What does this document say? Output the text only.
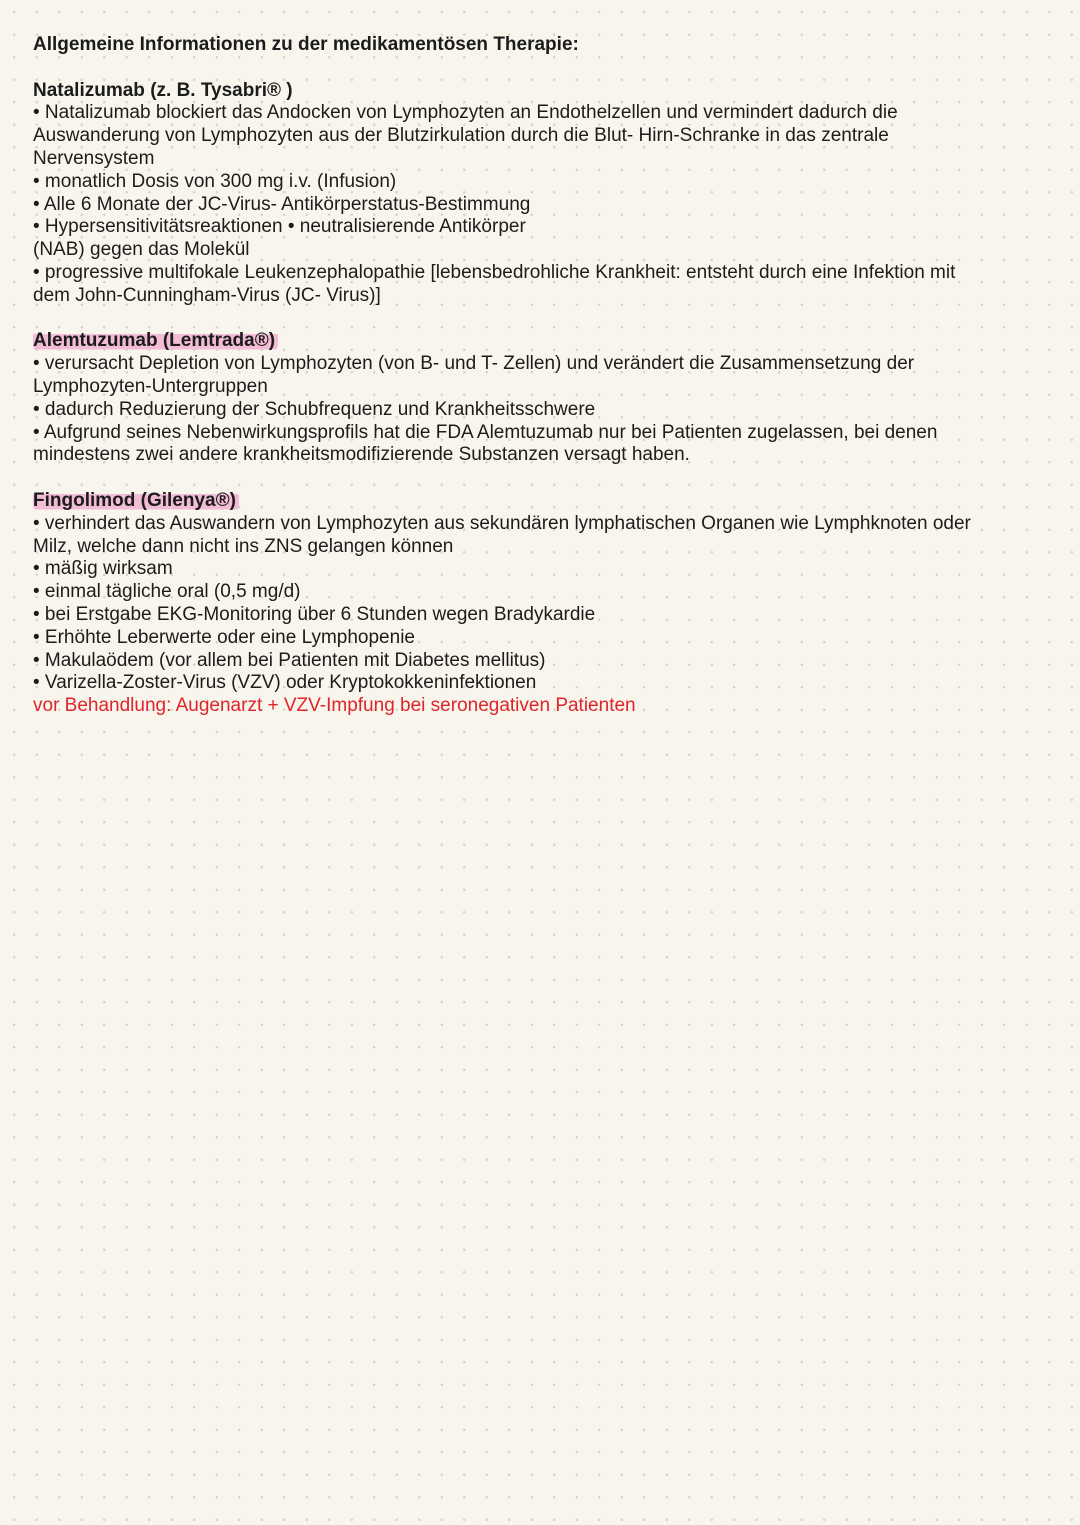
Allgemeine Informationen zu der medikamentösen Therapie:
Natalizumab (z. B. Tysabri® )
• Natalizumab blockiert das Andocken von Lymphozyten an Endothelzellen und vermindert dadurch die
Auswanderung von Lymphozyten aus der Blutzirkulation durch die Blut- Hirn-Schranke in das zentrale
Nervensystem
• monatlich Dosis von 300 mg i.v. (Infusion)
• Alle 6 Monate der JC-Virus- Antikörperstatus-Bestimmung
• Hypersensitivitätsreaktionen • neutralisierende Antikörper
(NAB) gegen das Molekül
• progressive multifokale Leukenzephalopathie [lebensbedrohliche Krankheit: entsteht durch eine Infektion mit
dem John-Cunningham-Virus (JC- Virus)]
Alemtuzumab (Lemtrada®)
• verursacht Depletion von Lymphozyten (von B- und T- Zellen) und verändert die Zusammensetzung der
Lymphozyten-Untergruppen
• dadurch Reduzierung der Schubfrequenz und Krankheitsschwere
• Aufgrund seines Nebenwirkungsprofils hat die FDA Alemtuzumab nur bei Patienten zugelassen, bei denen
mindestens zwei andere krankheitsmodifizierende Substanzen versagt haben.
Fingolimod (Gilenya®)
• verhindert das Auswandern von Lymphozyten aus sekundären lymphatischen Organen wie Lymphknoten oder
Milz, welche dann nicht ins ZNS gelangen können
• mäßig wirksam
• einmal tägliche oral (0,5 mg/d)
• bei Erstgabe EKG-Monitoring über 6 Stunden wegen Bradykardie
• Erhöhte Leberwerte oder eine Lymphopenie
• Makulaödem (vor allem bei Patienten mit Diabetes mellitus)
• Varizella-Zoster-Virus (VZV) oder Kryptokokkeninfektionen
vor Behandlung: Augenarzt + VZV-Impfung bei seronegativen Patienten
